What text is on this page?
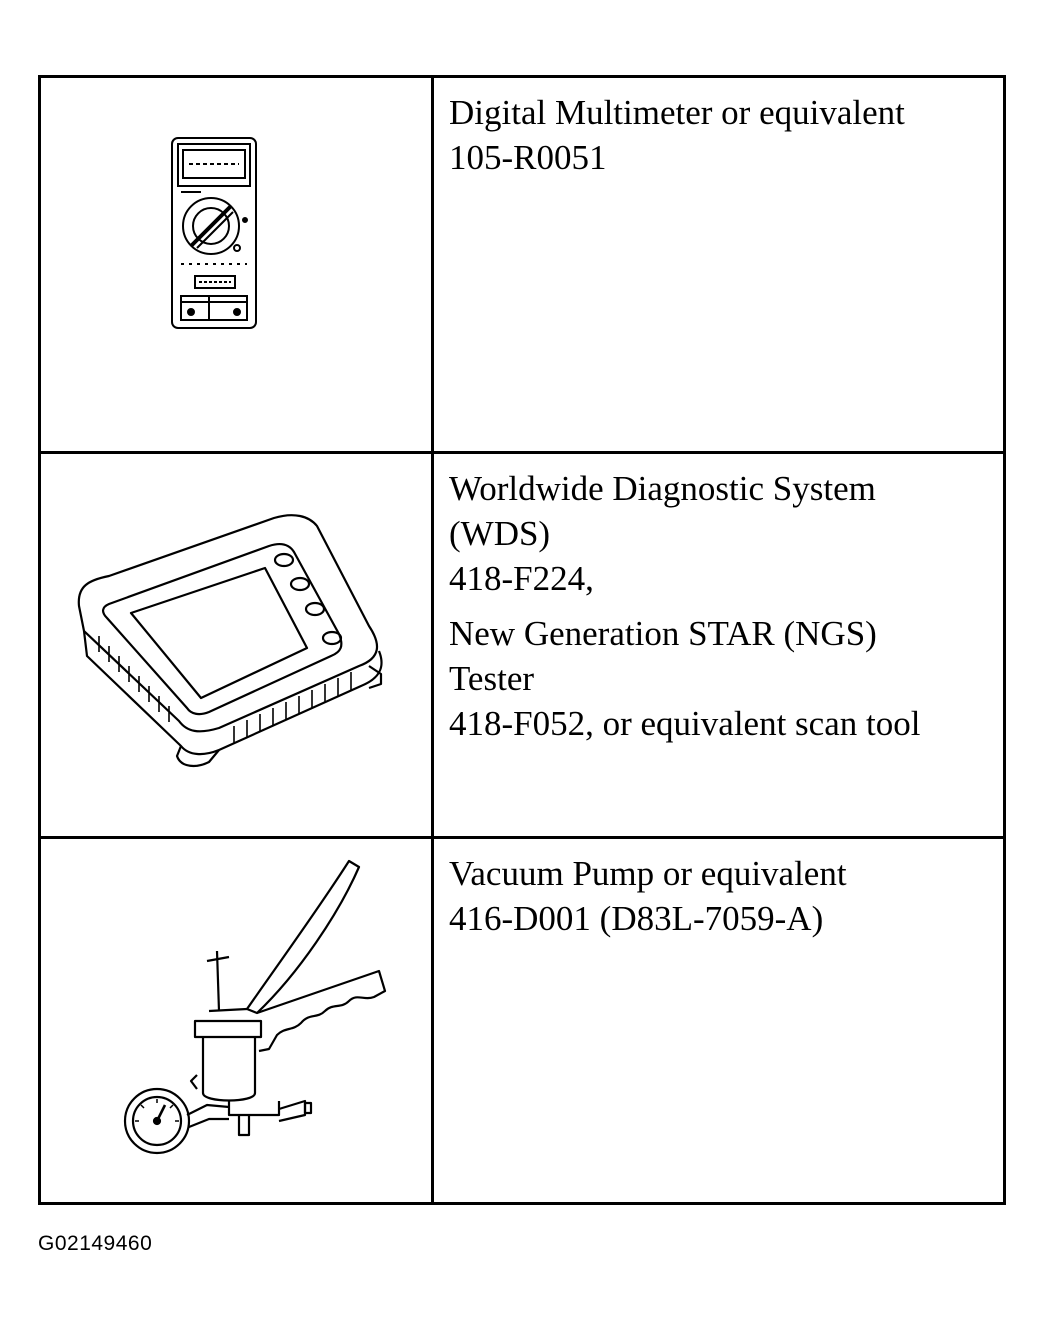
Digital Multimeter or equivalent
105-R0051
Worldwide Diagnostic System
(WDS)
418-F224,
New Generation STAR (NGS)
Tester
418-F052, or equivalent scan tool
Vacuum Pump or equivalent
416-D001 (D83L-7059-A)
G02149460
